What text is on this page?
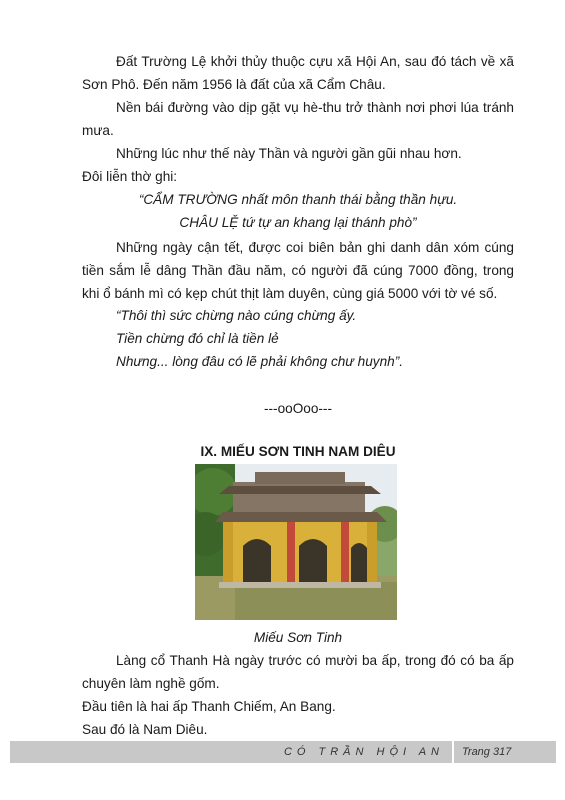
Đất Trường Lệ khởi thủy thuộc cựu xã Hội An, sau đó tách về xã Sơn Phô. Đến năm 1956 là đất của xã Cẩm Châu.

Nền bái đường vào dịp gặt vụ hè-thu trở thành nơi phơi lúa tránh mưa.

Những lúc như thế này Thần và người gần gũi nhau hơn.

Đôi liễn thờ ghi:

“CẨM TRƯỜNG nhất môn thanh thái bằng thần hựu.

CHÂU LỆ tứ tự an khang lại thánh phò”

Những ngày cận tết, được coi biên bản ghi danh dân xóm cúng tiền sắm lễ dâng Thần đầu năm, có người đã cúng 7000 đồng, trong khi ổ bánh mì có kẹp chút thịt làm duyên, cùng giá 5000 với tờ vé số.

“Thôi thì sức chừng nào cúng chừng ấy.

Tiền chừng đó chỉ là tiền lẻ

Nhưng... lòng đâu có lẽ phải không chư huynh”.

---ooOoo---

IX. MIẾU SƠN TINH NAM DIÊU

Miếu Sơn Tinh

Làng cổ Thanh Hà ngày trước có mười ba ấp, trong đó có ba ấp chuyên làm nghề gốm.

Đầu tiên là hai ấp Thanh Chiếm, An Bang.

Sau đó là Nam Diêu.

CÓ TRẦN HỘI AN Trang 317
